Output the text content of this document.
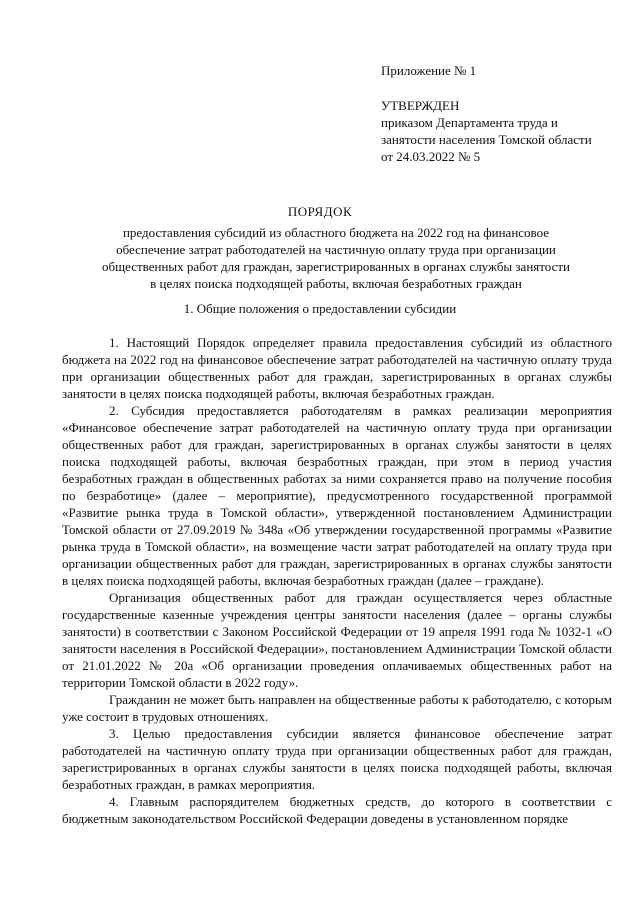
Приложение № 1
УТВЕРЖДЕН
приказом Департамента труда и
занятости населения Томской области
от 24.03.2022 № 5
ПОРЯДОК
предоставления субсидий из областного бюджета на 2022 год на финансовое
обеспечение затрат работодателей на частичную оплату труда при организации
общественных работ для граждан, зарегистрированных в органах службы занятости
в целях поиска подходящей работы, включая безработных граждан
1. Общие положения о предоставлении субсидии

1. Настоящий Порядок определяет правила предоставления субсидий из областного бюджета на 2022 год на финансовое обеспечение затрат работодателей на частичную оплату труда при организации общественных работ для граждан, зарегистрированных в органах службы занятости в целях поиска подходящей работы, включая безработных граждан.

2. Субсидия предоставляется работодателям в рамках реализации мероприятия «Финансовое обеспечение затрат работодателей на частичную оплату труда при организации общественных работ для граждан, зарегистрированных в органах службы занятости в целях поиска подходящей работы, включая безработных граждан, при этом в период участия безработных граждан в общественных работах за ними сохраняется право на получение пособия по безработице» (далее – мероприятие), предусмотренного государственной программой «Развитие рынка труда в Томской области», утвержденной постановлением Администрации Томской области от 27.09.2019 № 348а «Об утверждении государственной программы «Развитие рынка труда в Томской области», на возмещение части затрат работодателей на оплату труда при организации общественных работ для граждан, зарегистрированных в органах службы занятости в целях поиска подходящей работы, включая безработных граждан (далее – граждане).

Организация общественных работ для граждан осуществляется через областные государственные казенные учреждения центры занятости населения (далее – органы службы занятости) в соответствии с Законом Российской Федерации от 19 апреля 1991 года № 1032-1 «О занятости населения в Российской Федерации», постановлением Администрации Томской области от 21.01.2022 № 20а «Об организации проведения оплачиваемых общественных работ на территории Томской области в 2022 году».

Гражданин не может быть направлен на общественные работы к работодателю, с которым уже состоит в трудовых отношениях.

3. Целью предоставления субсидии является финансовое обеспечение затрат работодателей на частичную оплату труда при организации общественных работ для граждан, зарегистрированных в органах службы занятости в целях поиска подходящей работы, включая безработных граждан, в рамках мероприятия.

4. Главным распорядителем бюджетных средств, до которого в соответствии с бюджетным законодательством Российской Федерации доведены в установленном порядке
